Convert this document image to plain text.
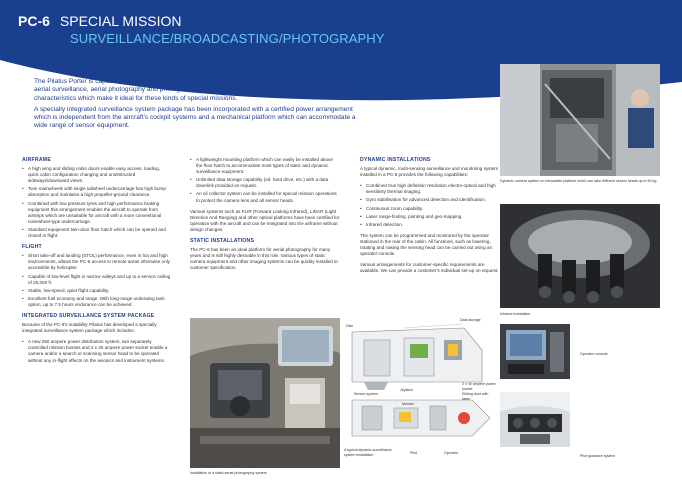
PC-6 SPECIAL MISSION
SURVEILLANCE/BROADCASTING/PHOTOGRAPHY

The Pilatus Porter is capable of a wide range of special missions including operations such as border patrol, aerial surveillance, aerial photography and photogrammetry. The aircraft has an airframe and flight characteristics which make it ideal for these kinds of special missions.

A specially integrated surveillance system package has been incorporated with a certified power arrangement which is independent from the aircraft's cockpit systems and a mechanical platform which can accommodate a wide range of sensor equipment.

AIRFRAME
• A high wing and sliding cabin doors enable easy access, loading, quick cabin configuration changing and unobstructed sideways/downward views.
• Twin mainwheels with single tailwheel undercarriage has high bump absorption and maintains a high propeller-ground clearance.
• Combined with low pressure tyres and high performance braking equipment this arrangement enables the aircraft to operate from airstrips which are unsuitable for aircraft with a more conventional nosewheel-type undercarriage.
• Standard equipment twin-door floor hatch which can be opened and closed in flight.
FLIGHT
• Short take-off and landing (STOL) performance, even in hot and high environments, allows the PC-6 access to remote areas otherwise only accessible by helicopter.
• Capable of low-level flight in narrow valleys and up to a service ceiling of 25,000 ft.
• Stable, low-speed, quiet flight capability.
• Excellent fuel economy and range. With long-range underwing tank option, up to 7.5 hours endurance can be achieved.
INTEGRATED SURVEILLANCE SYSTEM PACKAGE

Because of the PC-6's suitability Pilatus has developed a specially integrated surveillance system package which includes:

• A new 250 ampere power distribution system, two separately controlled mission busses and 2 x 40 ampere power socket enable a camera and/or a search or scanning sensor head to be operated without any in-flight effects on the avionics and instrument systems.
• A lightweight mounting platform which can easily be installed above the floor hatch to accommodate most types of static and dynamic surveillance equipment.
• Unlimited data storage capability (ed. hard drive, etc.) with a data downlink provided on request.
• An oil collector system can be installed for special mission operations to protect the camera lens and all sensor heads.

Various systems such as FLIR (Forward Looking Infrared), LIDAR (Light Direction And Ranging) and other optical platforms have been certified for operation with the aircraft and can be integrated into the airframe without design changes.

STATIC INSTALLATIONS

The PC-6 has been an ideal platform for aerial photography for many years and is still highly desirable in this role. Various types of static camera equipment and other imaging systems can be quickly installed to customer specification.

Installation of a static aerial photography system
DYNAMIC INSTALLATIONS

A typical dynamic, multi-sensing surveillance and monitoring system installed in a PC-6 provides the following capabilities:

• Combined true high definition resolution electro-optical and high sensitivity thermal imaging.
• Gyro stabilisation for advanced detection and identification.
• Continuous zoom capability.
• Laser range-finding, pointing and geo-mapping.
• Infrared detection.

The system can be programmed and monitored by the operator stationed in the rear of the cabin. All functions, such as lowering, rotating and raising the sensing head can be carried out using an operator console.

Various arrangements for customer-specific requirements are available. We can provide a customer's individual set-up on request.

Dynamic camera system on retractable platform which can take different sensor heads up to 90 kg.
Infrared installation
Data storage
Disk
Sensor system
Joystick
2 x 40 ampere power socket
Sliding door with table
Monitor
Pilot	Operator
A typical dynamic surveillance system installation
Operator console
Pilot guidance system
